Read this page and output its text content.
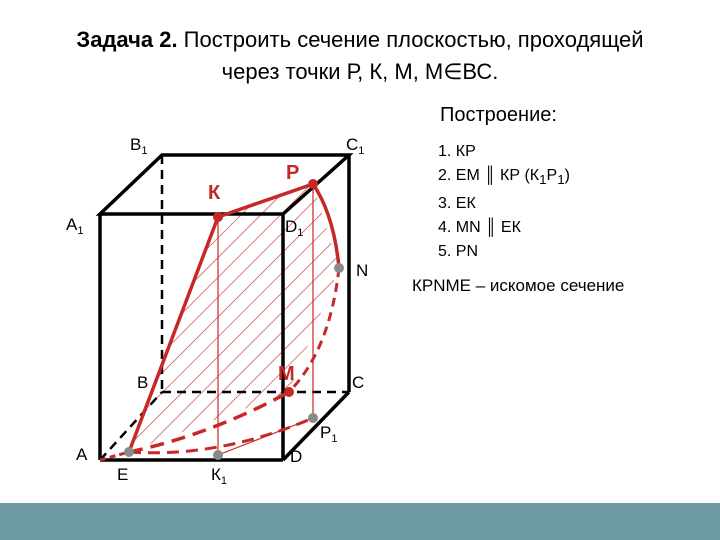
Задача 2. Построить сечение плоскостью, проходящей
через точки Р, К, М, М∈ВС.
Построение:
1. КР
2. ЕМ ║ КР $(К_1Р_1)$
3. ЕК
4. MN ║ ЕК
5. РN
КРNМЕ – искомое сечение
$В_1$	$С_1$
$А_1$	$D_1$
В	С
А	D
К
Р
М
N
Е	$К_1$
$Р_1$
